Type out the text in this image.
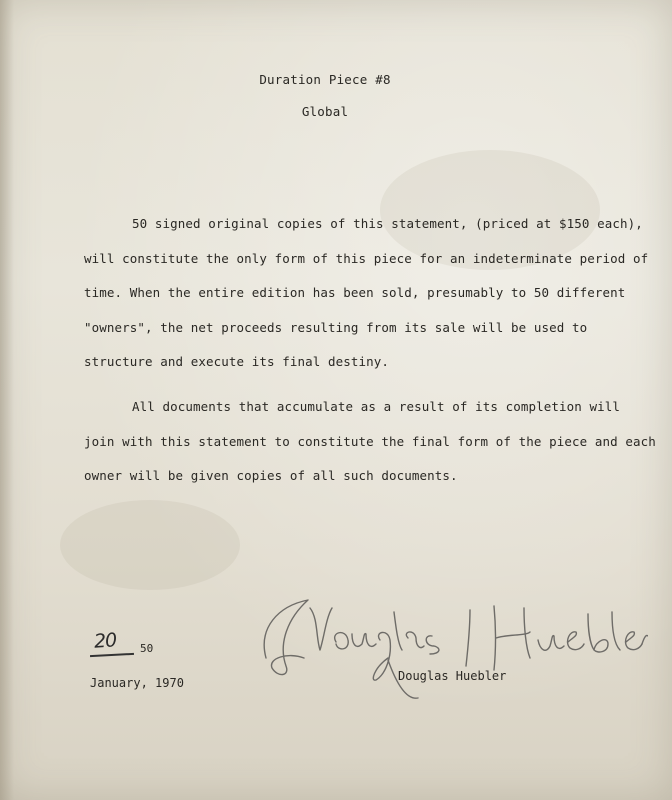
Duration Piece #8
Global
50 signed original copies of this statement, (priced at $150 each),
will constitute the only form of this piece for an indeterminate period of
time. When the entire edition has been sold, presumably to 50 different
"owners", the net proceeds resulting from its sale will be used to
structure and execute its final destiny.
All documents that accumulate as a result of its completion will
join with this statement to constitute the final form of the piece and each
owner will be given copies of all such documents.
20 50
January, 1970	Douglas Huebler
